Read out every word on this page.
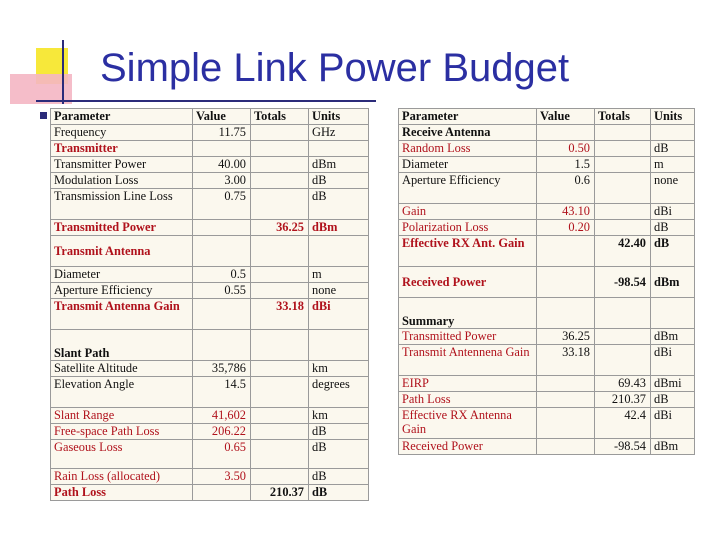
Simple Link Power Budget
Parameter	Value	Totals	Units
Frequency	11.75		GHz
Transmitter			
Transmitter Power	40.00		dBm
Modulation Loss	3.00		dB
Transmission Line Loss	0.75		dB
Transmitted Power		36.25	dBm
Transmit Antenna			
Diameter	0.5		m
Aperture Efficiency	0.55		none
Transmit Antenna Gain		33.18	dBi
Slant Path			
Satellite Altitude	35,786		km
Elevation Angle	14.5		degrees
Slant Range	41,602		km
Free-space Path Loss	206.22		dB
Gaseous Loss	0.65		dB
Rain Loss (allocated)	3.50		dB
Path Loss		210.37	dB
Parameter	Value	Totals	Units
Receive Antenna			
Random Loss	0.50		dB
Diameter	1.5		m
Aperture Efficiency	0.6		none
Gain	43.10		dBi
Polarization Loss	0.20		dB
Effective RX Ant. Gain		42.40	dB
Received Power		-98.54	dBm
Summary			
Transmitted Power	36.25		dBm
Transmit Antennena Gain	33.18		dBi
EIRP		69.43	dBmi
Path Loss		210.37	dB
Effective RX Antenna Gain		42.4	dBi
Received Power		-98.54	dBm
